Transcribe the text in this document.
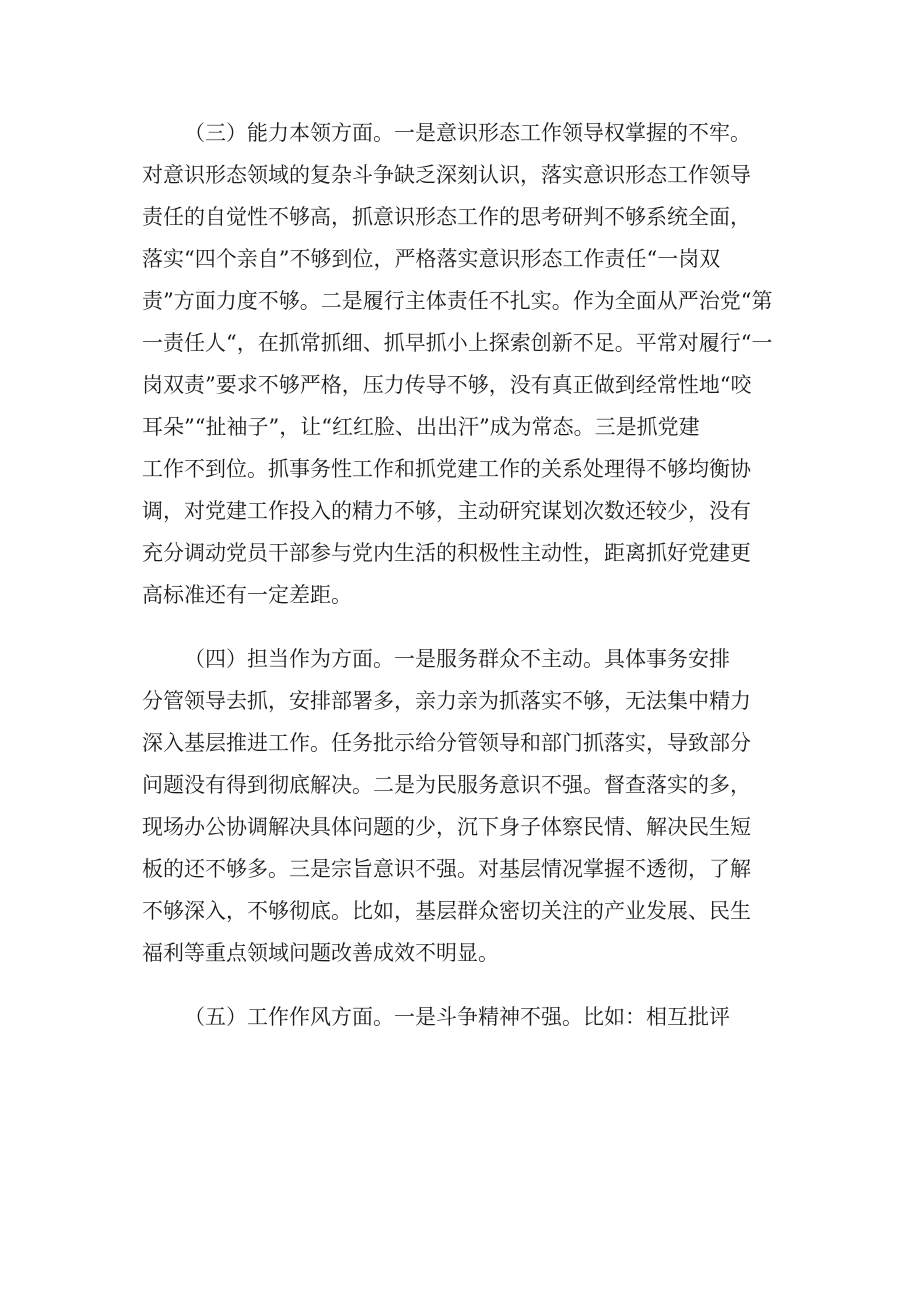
（三）能力本领方面。一是意识形态工作领导权掌握的不牢。
对意识形态领域的复杂斗争缺乏深刻认识，落实意识形态工作领导
责任的自觉性不够高，抓意识形态工作的思考研判不够系统全面，
落实“四个亲自”不够到位，严格落实意识形态工作责任“一岗双
责”方面力度不够。二是履行主体责任不扎实。作为全面从严治党“第
一责任人“，在抓常抓细、抓早抓小上探索创新不足。平常对履行“一
岗双责”要求不够严格，压力传导不够，没有真正做到经常性地“咬
耳朵”“扯袖子”，让“红红脸、出出汗”成为常态。三是抓党建
工作不到位。抓事务性工作和抓党建工作的关系处理得不够均衡协
调，对党建工作投入的精力不够，主动研究谋划次数还较少，没有
充分调动党员干部参与党内生活的积极性主动性，距离抓好党建更
高标准还有一定差距。
（四）担当作为方面。一是服务群众不主动。具体事务安排
分管领导去抓，安排部署多，亲力亲为抓落实不够，无法集中精力
深入基层推进工作。任务批示给分管领导和部门抓落实，导致部分
问题没有得到彻底解决。二是为民服务意识不强。督查落实的多，
现场办公协调解决具体问题的少，沉下身子体察民情、解决民生短
板的还不够多。三是宗旨意识不强。对基层情况掌握不透彻，了解
不够深入，不够彻底。比如，基层群众密切关注的产业发展、民生
福利等重点领域问题改善成效不明显。
（五）工作作风方面。一是斗争精神不强。比如：相互批评
